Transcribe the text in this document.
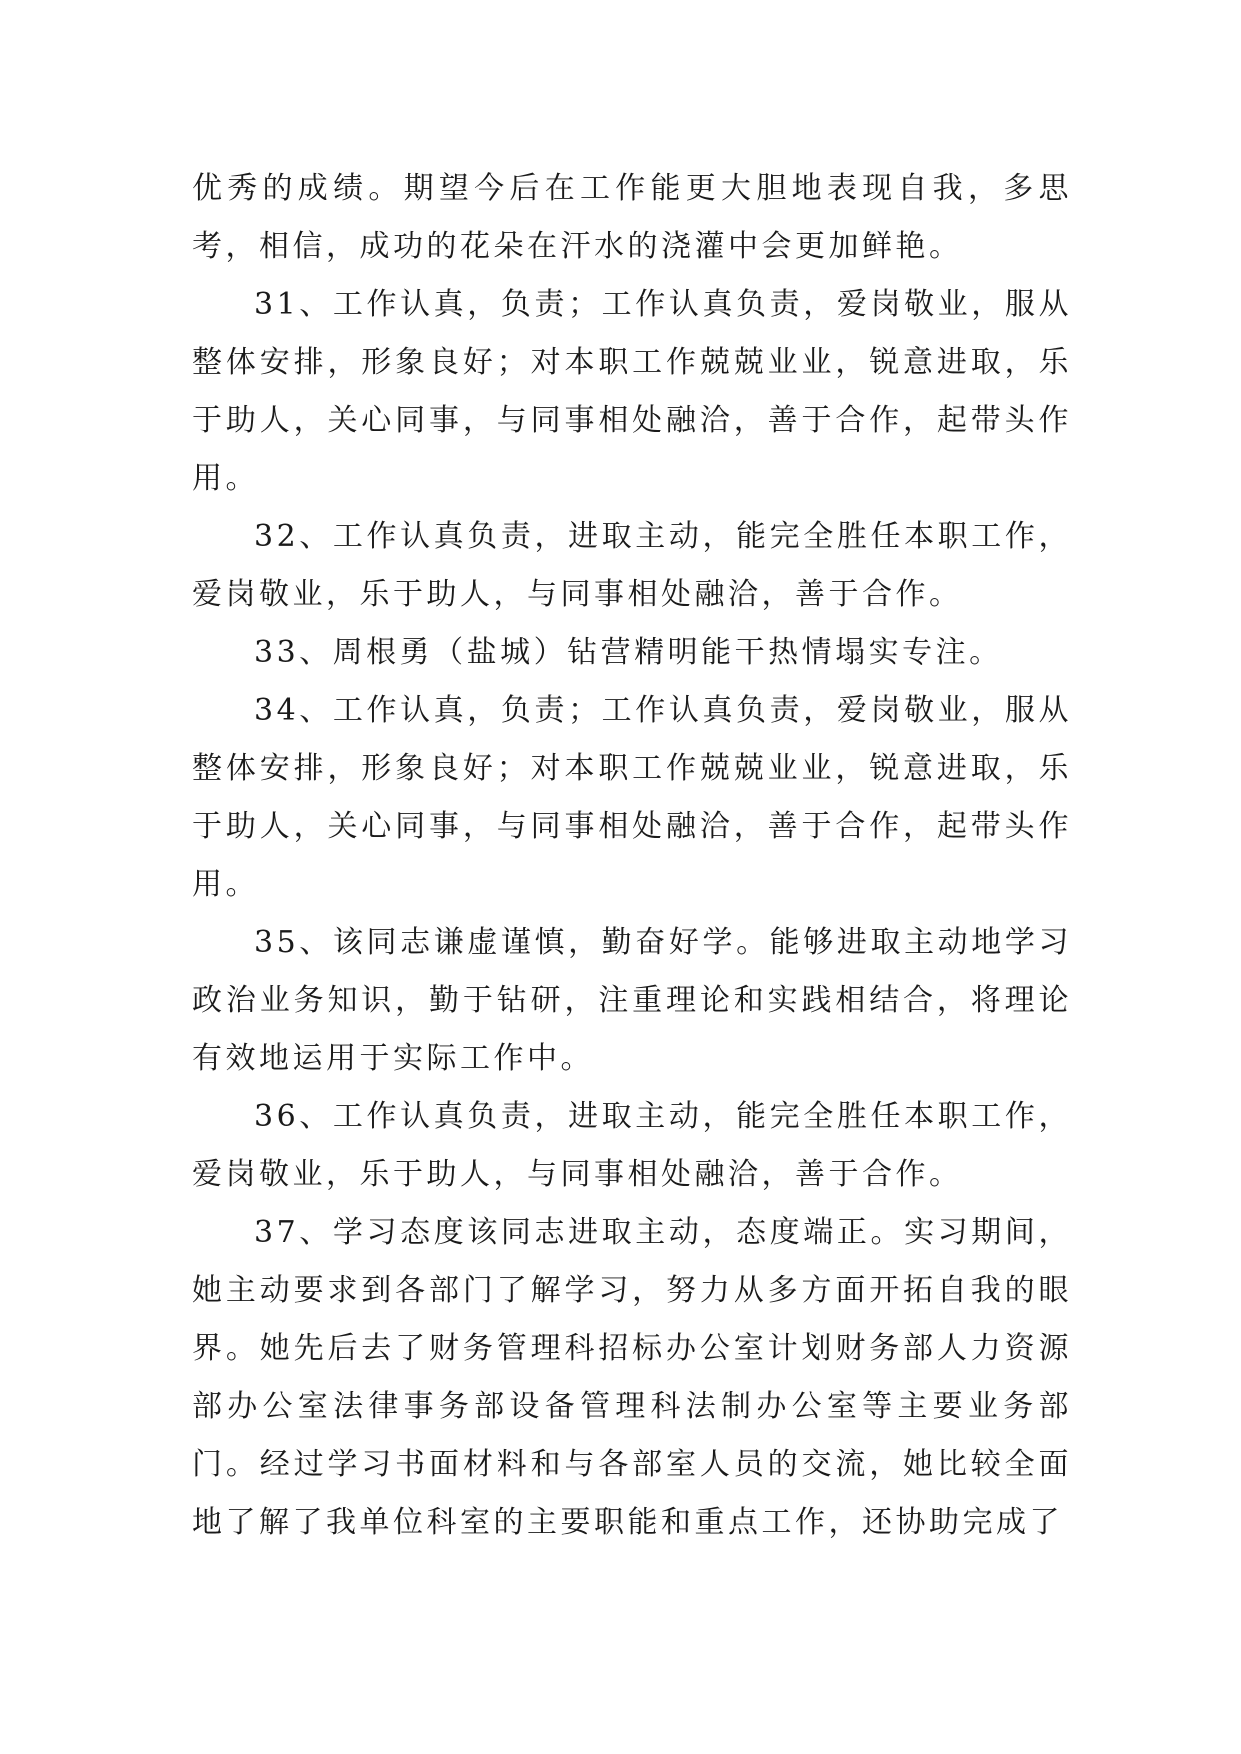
优秀的成绩。期望今后在工作能更大胆地表现自我，多思考，相信，成功的花朵在汗水的浇灌中会更加鲜艳。

31、工作认真，负责；工作认真负责，爱岗敬业，服从整体安排，形象良好；对本职工作兢兢业业，锐意进取，乐于助人，关心同事，与同事相处融洽，善于合作，起带头作用。

32、工作认真负责，进取主动，能完全胜任本职工作，爱岗敬业，乐于助人，与同事相处融洽，善于合作。

33、周根勇（盐城）钻营精明能干热情塌实专注。

34、工作认真，负责；工作认真负责，爱岗敬业，服从整体安排，形象良好；对本职工作兢兢业业，锐意进取，乐于助人，关心同事，与同事相处融洽，善于合作，起带头作用。

35、该同志谦虚谨慎，勤奋好学。能够进取主动地学习政治业务知识，勤于钻研，注重理论和实践相结合，将理论有效地运用于实际工作中。

36、工作认真负责，进取主动，能完全胜任本职工作，爱岗敬业，乐于助人，与同事相处融洽，善于合作。

37、学习态度该同志进取主动，态度端正。实习期间，她主动要求到各部门了解学习，努力从多方面开拓自我的眼界。她先后去了财务管理科招标办公室计划财务部人力资源部办公室法律事务部设备管理科法制办公室等主要业务部门。经过学习书面材料和与各部室人员的交流，她比较全面地了解了我单位科室的主要职能和重点工作，还协助完成了
